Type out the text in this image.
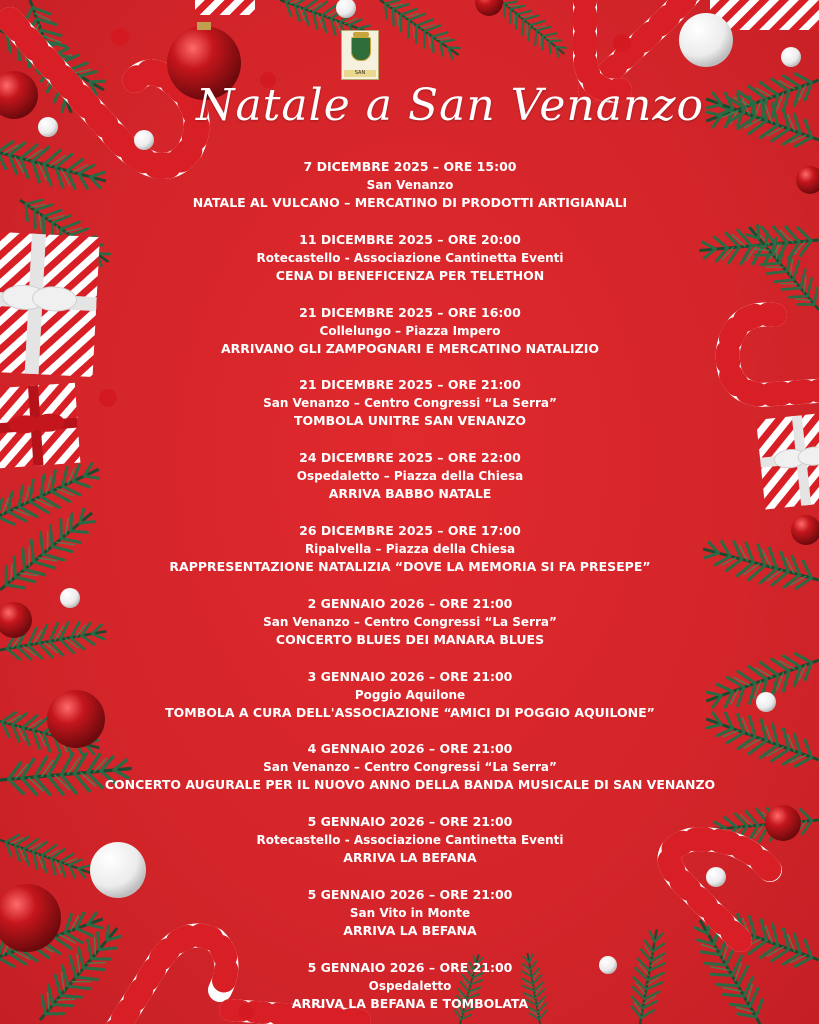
SAN
Natale a San Venanzo
7 DICEMBRE 2025 – ORE 15:00
San Venanzo
NATALE AL VULCANO – MERCATINO DI PRODOTTI ARTIGIANALI
11 DICEMBRE 2025 – ORE 20:00
Rotecastello - Associazione Cantinetta Eventi
CENA DI BENEFICENZA PER TELETHON
21 DICEMBRE 2025 – ORE 16:00
Collelungo – Piazza Impero
ARRIVANO GLI ZAMPOGNARI E MERCATINO NATALIZIO
21 DICEMBRE 2025 – ORE 21:00
San Venanzo – Centro Congressi “La Serra”
TOMBOLA UNITRE SAN VENANZO
24 DICEMBRE 2025 – ORE 22:00
Ospedaletto – Piazza della Chiesa
ARRIVA BABBO NATALE
26 DICEMBRE 2025 – ORE 17:00
Ripalvella – Piazza della Chiesa
RAPPRESENTAZIONE NATALIZIA “DOVE LA MEMORIA SI FA PRESEPE”
2 GENNAIO 2026 – ORE 21:00
San Venanzo – Centro Congressi “La Serra”
CONCERTO BLUES DEI MANARA BLUES
3 GENNAIO 2026 – ORE 21:00
Poggio Aquilone
TOMBOLA A CURA DELL'ASSOCIAZIONE “AMICI DI POGGIO AQUILONE”
4 GENNAIO 2026 – ORE 21:00
San Venanzo – Centro Congressi “La Serra”
CONCERTO AUGURALE PER IL NUOVO ANNO DELLA BANDA MUSICALE DI SAN VENANZO
5 GENNAIO 2026 – ORE 21:00
Rotecastello - Associazione Cantinetta Eventi
ARRIVA LA BEFANA
5 GENNAIO 2026 – ORE 21:00
San Vito in Monte
ARRIVA LA BEFANA
5 GENNAIO 2026 – ORE 21:00
Ospedaletto
ARRIVA LA BEFANA E TOMBOLATA
